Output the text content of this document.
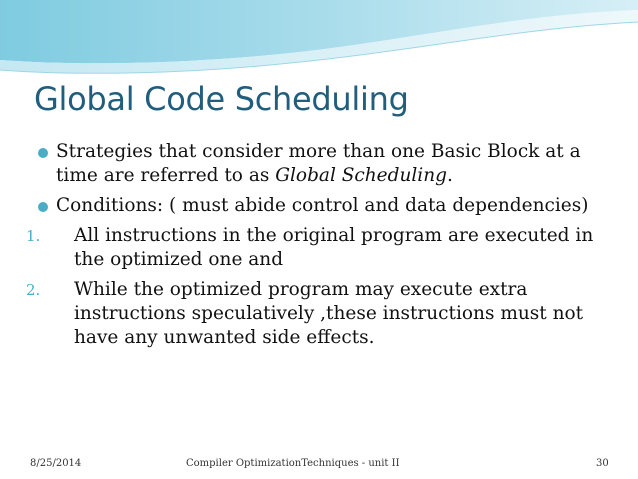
Global Code Scheduling
Strategies that consider more than one Basic Block at a time are referred to as Global Scheduling.
Conditions: ( must abide control and data dependencies)
1. All instructions in the original program are executed in the optimized one and
2. While the optimized program may execute extra instructions speculatively ,these instructions must not have any unwanted side effects.
8/25/2014	Compiler OptimizationTechniques - unit II	30
